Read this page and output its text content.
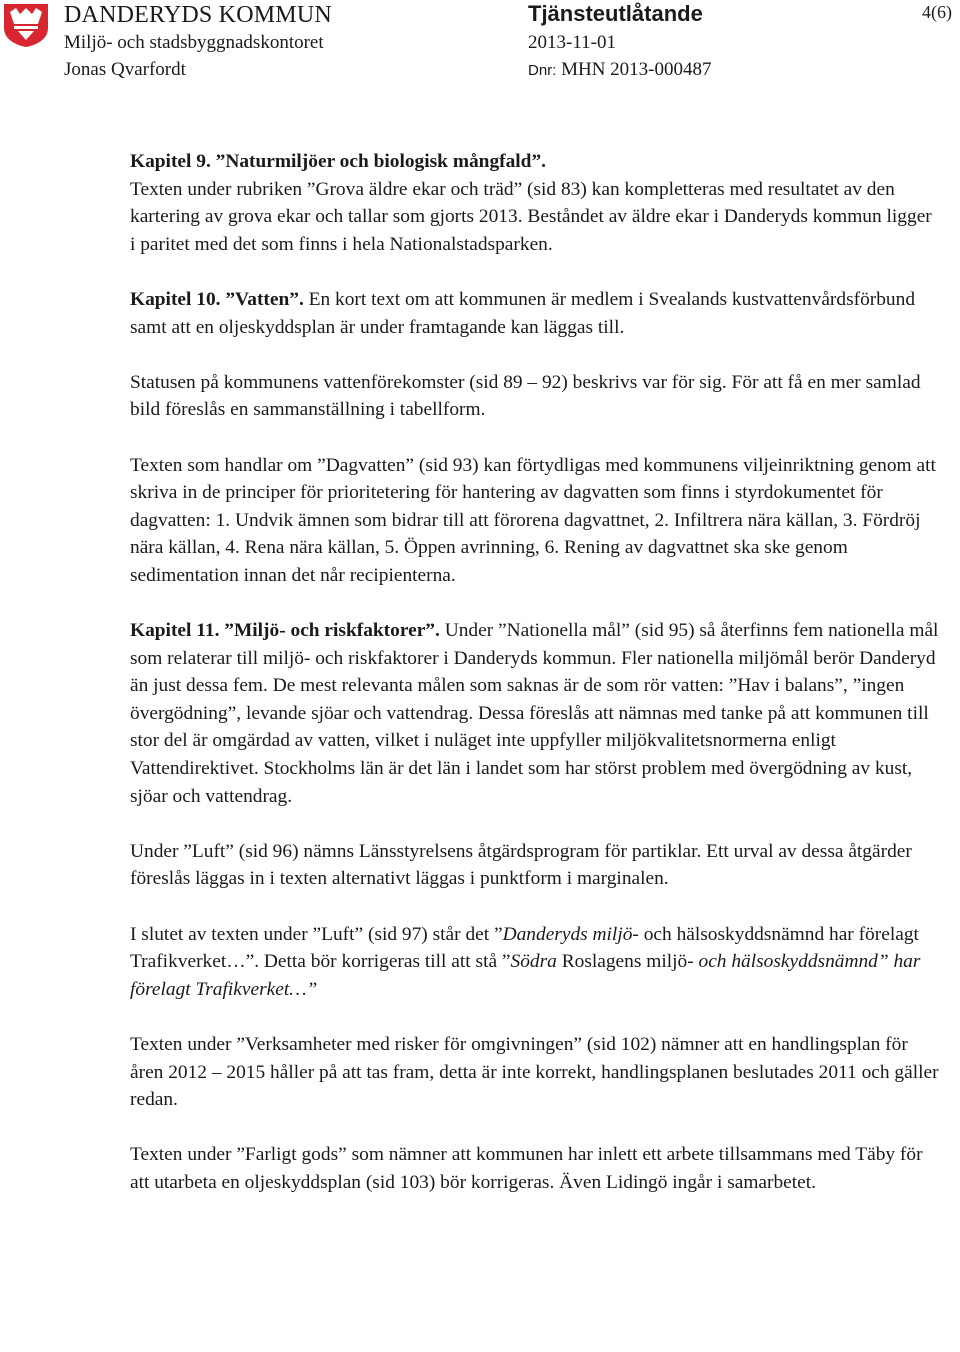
DANDERYDS KOMMUN
Miljö- och stadsbyggnadskontoret
Jonas Qvarfordt
Tjänsteutlåtande
2013-11-01
Dnr: MHN 2013-000487
4(6)

Kapitel 9. ”Naturmiljöer och biologisk mångfald”.
Texten under rubriken ”Grova äldre ekar och träd” (sid 83) kan kompletteras med resultatet av den kartering av grova ekar och tallar som gjorts 2013. Beståndet av äldre ekar i Danderyds kommun ligger i paritet med det som finns i hela Nationalstadsparken.

Kapitel 10. ”Vatten”. En kort text om att kommunen är medlem i Svealands kustvattenvårdsförbund samt att en oljeskyddsplan är under framtagande kan läggas till.

Statusen på kommunens vattenförekomster (sid 89 – 92) beskrivs var för sig. För att få en mer samlad bild föreslås en sammanställning i tabellform.

Texten som handlar om ”Dagvatten” (sid 93) kan förtydligas med kommunens viljeinriktning genom att skriva in de principer för prioritetering för hantering av dagvatten som finns i styrdokumentet för dagvatten: 1. Undvik ämnen som bidrar till att förorena dagvattnet, 2. Infiltrera nära källan, 3. Fördröj nära källan, 4. Rena nära källan, 5. Öppen avrinning, 6. Rening av dagvattnet ska ske genom sedimentation innan det når recipienterna.

Kapitel 11. ”Miljö- och riskfaktorer”. Under ”Nationella mål” (sid 95) så återfinns fem nationella mål som relaterar till miljö- och riskfaktorer i Danderyds kommun. Fler nationella miljömål berör Danderyd än just dessa fem. De mest relevanta målen som saknas är de som rör vatten: ”Hav i balans”, ”ingen övergödning”, levande sjöar och vattendrag. Dessa föreslås att nämnas med tanke på att kommunen till stor del är omgärdad av vatten, vilket i nuläget inte uppfyller miljökvalitetsnormerna enligt Vattendirektivet. Stockholms län är det län i landet som har störst problem med övergödning av kust, sjöar och vattendrag.

Under ”Luft” (sid 96) nämns Länsstyrelsens åtgärdsprogram för partiklar. Ett urval av dessa åtgärder föreslås läggas in i texten alternativt läggas i punktform i marginalen.

I slutet av texten under ”Luft” (sid 97) står det ”Danderyds miljö- och hälsoskyddsnämnd har förelagt Trafikverket…”. Detta bör korrigeras till att stå ”Södra Roslagens miljö- och hälsoskyddsnämnd” har förelagt Trafikverket…”

Texten under ”Verksamheter med risker för omgivningen” (sid 102) nämner att en handlingsplan för åren 2012 – 2015 håller på att tas fram, detta är inte korrekt, handlingsplanen beslutades 2011 och gäller redan.

Texten under ”Farligt gods” som nämner att kommunen har inlett ett arbete tillsammans med Täby för att utarbeta en oljeskyddsplan (sid 103) bör korrigeras. Även Lidingö ingår i samarbetet.
